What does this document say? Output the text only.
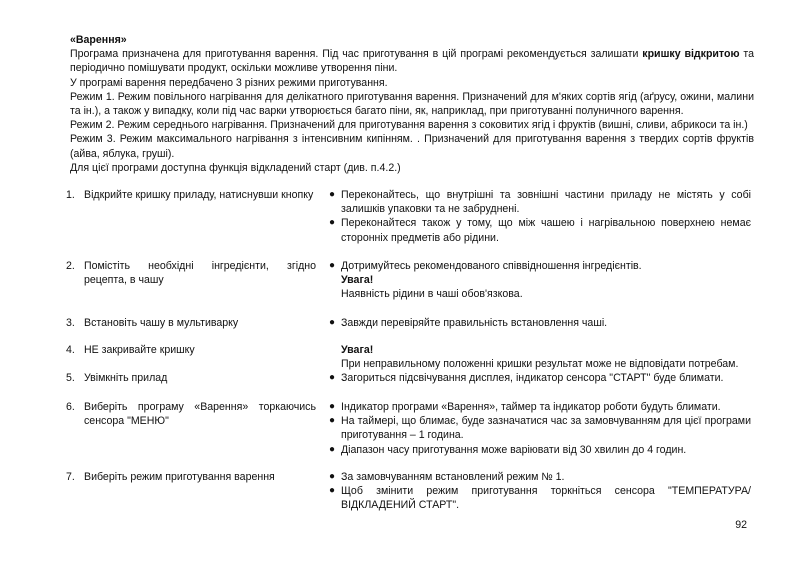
«Варення»

Програма призначена для приготування варення. Під час приготування в цій програмі рекомендується залишати кришку відкритою та періодично помішувати продукт, оскільки можливе утворення піни.

У програмі варення передбачено 3 різних режими приготування.

Режим 1. Режим повільного нагрівання для делікатного приготування варення. Призначений для м'яких сортів ягід (аґрусу, ожини, малини та ін.), а також у випадку, коли під час варки утворюється багато піни, як, наприклад, при приготуванні полуничного варення.

Режим 2. Режим середнього нагрівання. Призначений для приготування варення з соковитих ягід і фруктів (вишні, сливи, абрикоси та ін.)

Режим 3. Режим максимального нагрівання з інтенсивним кипінням. . Призначений для приготування варення з твердих сортів фруктів (айва, яблука, груші).

Для цієї програми доступна функція відкладений старт (див. п.4.2.)

1. Відкрийте кришку приладу, натиснувши кнопку
2. Помістіть необхідні інгредієнти, згідно рецепта, в чашу
3. Встановіть чашу в мультиварку
4. НЕ закривайте кришку
5. Увімкніть прилад
6. Виберіть програму «Варення» торкаючись сенсора "МЕНЮ"
7. Виберіть режим приготування варення
● Переконайтесь, що внутрішні та зовнішні частини приладу не містять у собі залишків упаковки та не забруднені.
● Переконайтеся також у тому, що між чашею і нагрівальною поверхнею немає сторонніх предметів або рідини.
● Дотримуйтесь рекомендованого співвідношення інгредієнтів.
Увага!
Наявність рідини в чаші обов'язкова.
● Завжди перевіряйте правильність встановлення чаші.
Увага!
При неправильному положенні кришки результат може не відповідати потребам.
● Загориться підсвічування дисплея, індикатор сенсора "СТАРТ" буде блимати.
● Індикатор програми «Варення», таймер та індикатор роботи будуть блимати.
● На таймері, що блимає, буде зазначатися час за замовчуванням для цієї програми приготування – 1 година.
● Діапазон часу приготування може варіювати від 30 хвилин до 4 годин.
● За замовчуванням встановлений режим № 1.
● Щоб змінити режим приготування торкніться сенсора "ТЕМПЕРАТУРА/ВІДКЛАДЕНИЙ СТАРТ".
92
